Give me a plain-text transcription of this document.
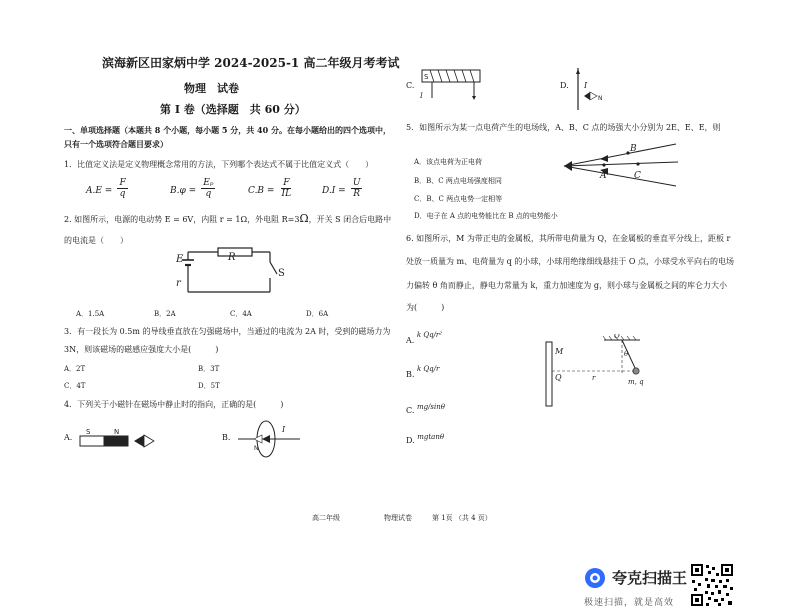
滨海新区田家炳中学 2024-2025-1 高二年级月考考试
物理　试卷
第 I 卷（选择题　共 60 分）
一、单项选择题（本题共 8 个小题，每小题 5 分，共 40 分。在每小题给出的四个选项中，
只有一个选项符合题目要求）
1．比值定义法是定义物理概念常用的方法，下列哪个表达式不属于比值定义式（　　）
$A.E = \frac{F}{q}$	$B.\varphi = \frac{\text{Eₚ}}{q}$	$C.B = \frac{F}{IL}$	$D.I = \frac{U}{R}$
2. 如图所示，电源的电动势 E = 6V，内阻 r = 1Ω，外电阻 R=3Ω，开关 S 闭合后电路中
的电流是（　　）
E
r
R
S
A．1.5A	B．2A	C．4A	D．6A
3．有一段长为 0.5m 的导线垂直放在匀强磁场中，当通过的电流为 2A 时，受到的磁场力为
3N，则该磁场的磁感应强度大小是(　　　)
A．2T	B．3T
C．4T	D．5T
4．下列关于小磁针在磁场中静止时的指向，正确的是(　　　)
A.
S	N
B.
I
N
C.
S
I
D. I
N
5．如图所示为某一点电荷产生的电场线，A、B、C 点的场强大小分别为 2E、E、E，则
A．该点电荷为正电荷
B．B、C 两点电场强度相同
C．B、C 两点电势一定相等
D．电子在 A 点的电势能比在 B 点的电势能小
B
A	C
6. 如图所示，M 为带正电的金属板，其所带电荷量为 Q，在金属板的垂直平分线上，距板 r
处放一质量为 m、电荷量为 q 的小球，小球用绝缘细线悬挂于 O 点，小球受水平向右的电场
力偏转 θ 角而静止，静电力常量为 k，重力加速度为 g，则小球与金属板之间的库仑力大小
为(　　　)
A. k Qq/r²
B. k Qq/r
C. mg/sinθ
D. mgtanθ
M
Q
O
θ
r	m, q
高二年级	物理试卷	第 1页 （共 4 页）
夸克扫描王
极速扫描，就是高效
